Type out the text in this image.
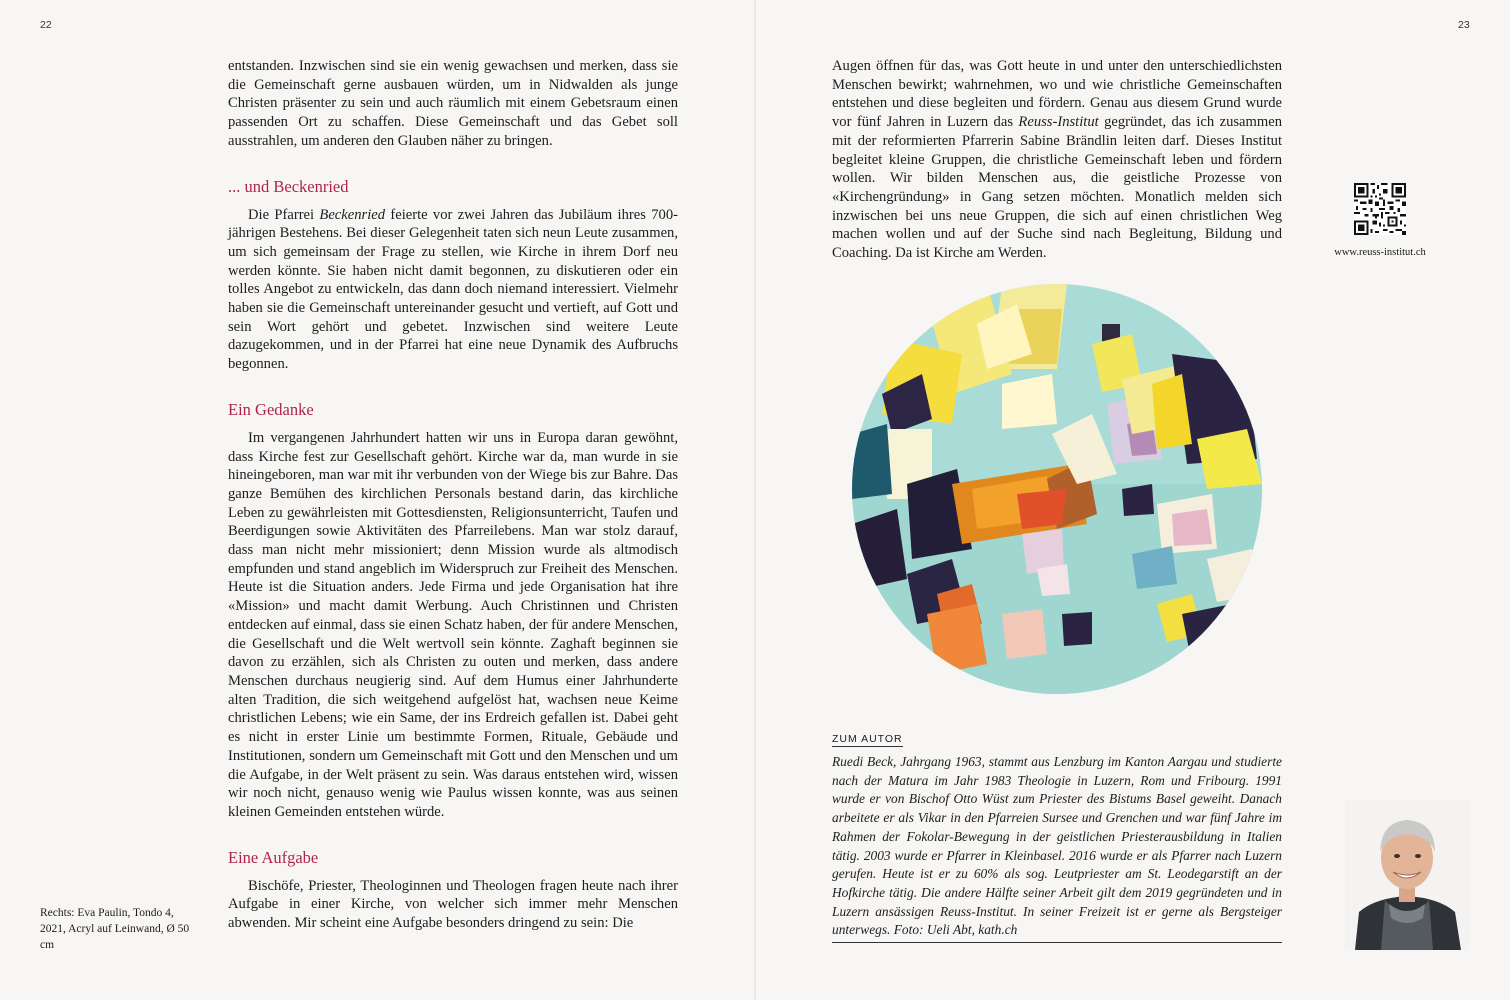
22	23

entstanden. Inzwischen sind sie ein wenig gewachsen und merken, dass sie die Gemeinschaft gerne ausbauen würden, um in Nidwalden als junge Christen präsenter zu sein und auch räumlich mit einem Gebetsraum einen passenden Ort zu schaffen. Diese Gemeinschaft und das Gebet soll ausstrahlen, um anderen den Glauben näher zu bringen.

... und Beckenried

Die Pfarrei Beckenried feierte vor zwei Jahren das Jubiläum ihres 700-jährigen Bestehens. Bei dieser Gelegenheit taten sich neun Leute zusammen, um sich gemeinsam der Frage zu stellen, wie Kirche in ihrem Dorf neu werden könnte. Sie haben nicht damit begonnen, zu diskutieren oder ein tolles Angebot zu entwickeln, das dann doch niemand interessiert. Vielmehr haben sie die Gemeinschaft untereinander gesucht und vertieft, auf Gott und sein Wort gehört und gebetet. Inzwischen sind weitere Leute dazugekommen, und in der Pfarrei hat eine neue Dynamik des Aufbruchs begonnen.

Ein Gedanke

Im vergangenen Jahrhundert hatten wir uns in Europa daran gewöhnt, dass Kirche fest zur Gesellschaft gehört. Kirche war da, man wurde in sie hineingeboren, man war mit ihr verbunden von der Wiege bis zur Bahre. Das ganze Bemühen des kirchlichen Personals bestand darin, das kirchliche Leben zu gewährleisten mit Gottesdiensten, Religionsunterricht, Taufen und Beerdigungen sowie Aktivitäten des Pfarreilebens. Man war stolz darauf, dass man nicht mehr missioniert; denn Mission wurde als altmodisch empfunden und stand angeblich im Widerspruch zur Freiheit des Menschen. Heute ist die Situation anders. Jede Firma und jede Organisation hat ihre «Mission» und macht damit Werbung. Auch Christinnen und Christen entdecken auf einmal, dass sie einen Schatz haben, der für andere Menschen, die Gesellschaft und die Welt wertvoll sein könnte. Zaghaft beginnen sie davon zu erzählen, sich als Christen zu outen und merken, dass andere Menschen durchaus neugierig sind. Auf dem Humus einer Jahrhunderte alten Tradition, die sich weitgehend aufgelöst hat, wachsen neue Keime christlichen Lebens; wie ein Same, der ins Erdreich gefallen ist. Dabei geht es nicht in erster Linie um bestimmte Formen, Rituale, Gebäude und Institutionen, sondern um Gemeinschaft mit Gott und den Menschen und um die Aufgabe, in der Welt präsent zu sein. Was daraus entstehen wird, wissen wir noch nicht, genauso wenig wie Paulus wissen konnte, was aus seinen kleinen Gemeinden entstehen würde.

Eine Aufgabe

Bischöfe, Priester, Theologinnen und Theologen fragen heute nach ihrer Aufgabe in einer Kirche, von welcher sich immer mehr Menschen abwenden. Mir scheint eine Aufgabe besonders dringend zu sein: Die

Rechts: Eva Paulin, Tondo 4, 2021, Acryl auf Leinwand, Ø 50 cm

Augen öffnen für das, was Gott heute in und unter den unterschiedlichsten Menschen bewirkt; wahrnehmen, wo und wie christliche Gemeinschaften entstehen und diese begleiten und fördern. Genau aus diesem Grund wurde vor fünf Jahren in Luzern das Reuss-Institut gegründet, das ich zusammen mit der reformierten Pfarrerin Sabine Brändlin leiten darf. Dieses Institut begleitet kleine Gruppen, die christliche Gemeinschaft leben und fördern wollen. Wir bilden Menschen aus, die geistliche Prozesse von «Kirchengründung» in Gang setzen möchten. Monatlich melden sich inzwischen bei uns neue Gruppen, die sich auf einen christlichen Weg machen wollen und auf der Suche sind nach Begleitung, Bildung und Coaching. Da ist Kirche am Werden.	www.reuss-institut.ch
ZUM AUTOR

Ruedi Beck, Jahrgang 1963, stammt aus Lenzburg im Kanton Aargau und studierte nach der Matura im Jahr 1983 Theologie in Luzern, Rom und Fribourg. 1991 wurde er von Bischof Otto Wüst zum Priester des Bistums Basel geweiht. Danach arbeitete er als Vikar in den Pfarreien Sursee und Grenchen und war fünf Jahre im Rahmen der Fokolar-Bewegung in der geistlichen Priesterausbildung in Italien tätig. 2003 wurde er Pfarrer in Kleinbasel. 2016 wurde er als Pfarrer nach Luzern gerufen. Heute ist er zu 60% als sog. Leutpriester am St. Leodegarstift an der Hofkirche tätig. Die andere Hälfte seiner Arbeit gilt dem 2019 gegründeten und in Luzern ansässigen Reuss-Institut. In seiner Freizeit ist er gerne als Bergsteiger unterwegs. Foto: Ueli Abt, kath.ch
